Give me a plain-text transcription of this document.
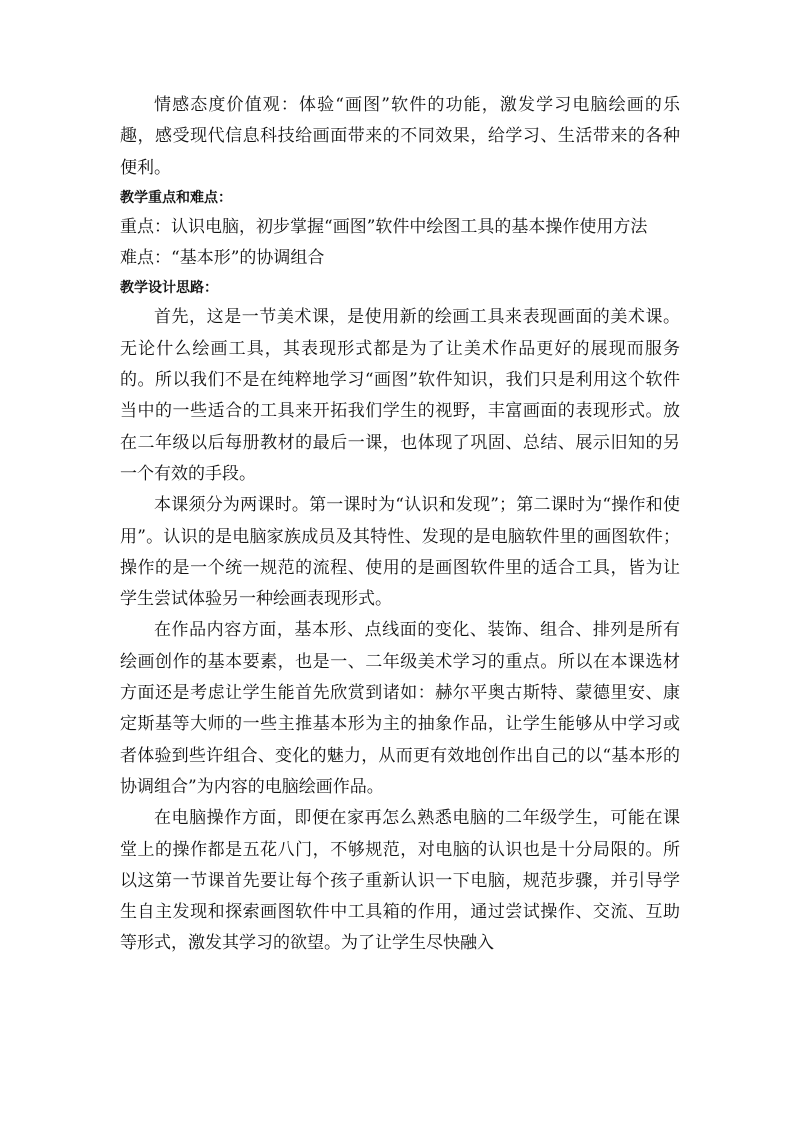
情感态度价值观：体验“画图”软件的功能，激发学习电脑绘画的乐趣，感受现代信息科技给画面带来的不同效果，给学习、生活带来的各种便利。

教学重点和难点：

重点：认识电脑，初步掌握“画图”软件中绘图工具的基本操作使用方法

难点：“基本形”的协调组合

教学设计思路：

首先，这是一节美术课，是使用新的绘画工具来表现画面的美术课。无论什么绘画工具，其表现形式都是为了让美术作品更好的展现而服务的。所以我们不是在纯粹地学习“画图”软件知识，我们只是利用这个软件当中的一些适合的工具来开拓我们学生的视野，丰富画面的表现形式。放在二年级以后每册教材的最后一课，也体现了巩固、总结、展示旧知的另一个有效的手段。

本课须分为两课时。第一课时为“认识和发现”；第二课时为“操作和使用”。认识的是电脑家族成员及其特性、发现的是电脑软件里的画图软件；操作的是一个统一规范的流程、使用的是画图软件里的适合工具，皆为让学生尝试体验另一种绘画表现形式。

在作品内容方面，基本形、点线面的变化、装饰、组合、排列是所有绘画创作的基本要素，也是一、二年级美术学习的重点。所以在本课选材方面还是考虑让学生能首先欣赏到诸如：赫尔平奥古斯特、蒙德里安、康定斯基等大师的一些主推基本形为主的抽象作品，让学生能够从中学习或者体验到些许组合、变化的魅力，从而更有效地创作出自己的以“基本形的协调组合”为内容的电脑绘画作品。

在电脑操作方面，即便在家再怎么熟悉电脑的二年级学生，可能在课堂上的操作都是五花八门，不够规范，对电脑的认识也是十分局限的。所以这第一节课首先要让每个孩子重新认识一下电脑，规范步骤，并引导学生自主发现和探索画图软件中工具箱的作用，通过尝试操作、交流、互助等形式，激发其学习的欲望。为了让学生尽快融入
